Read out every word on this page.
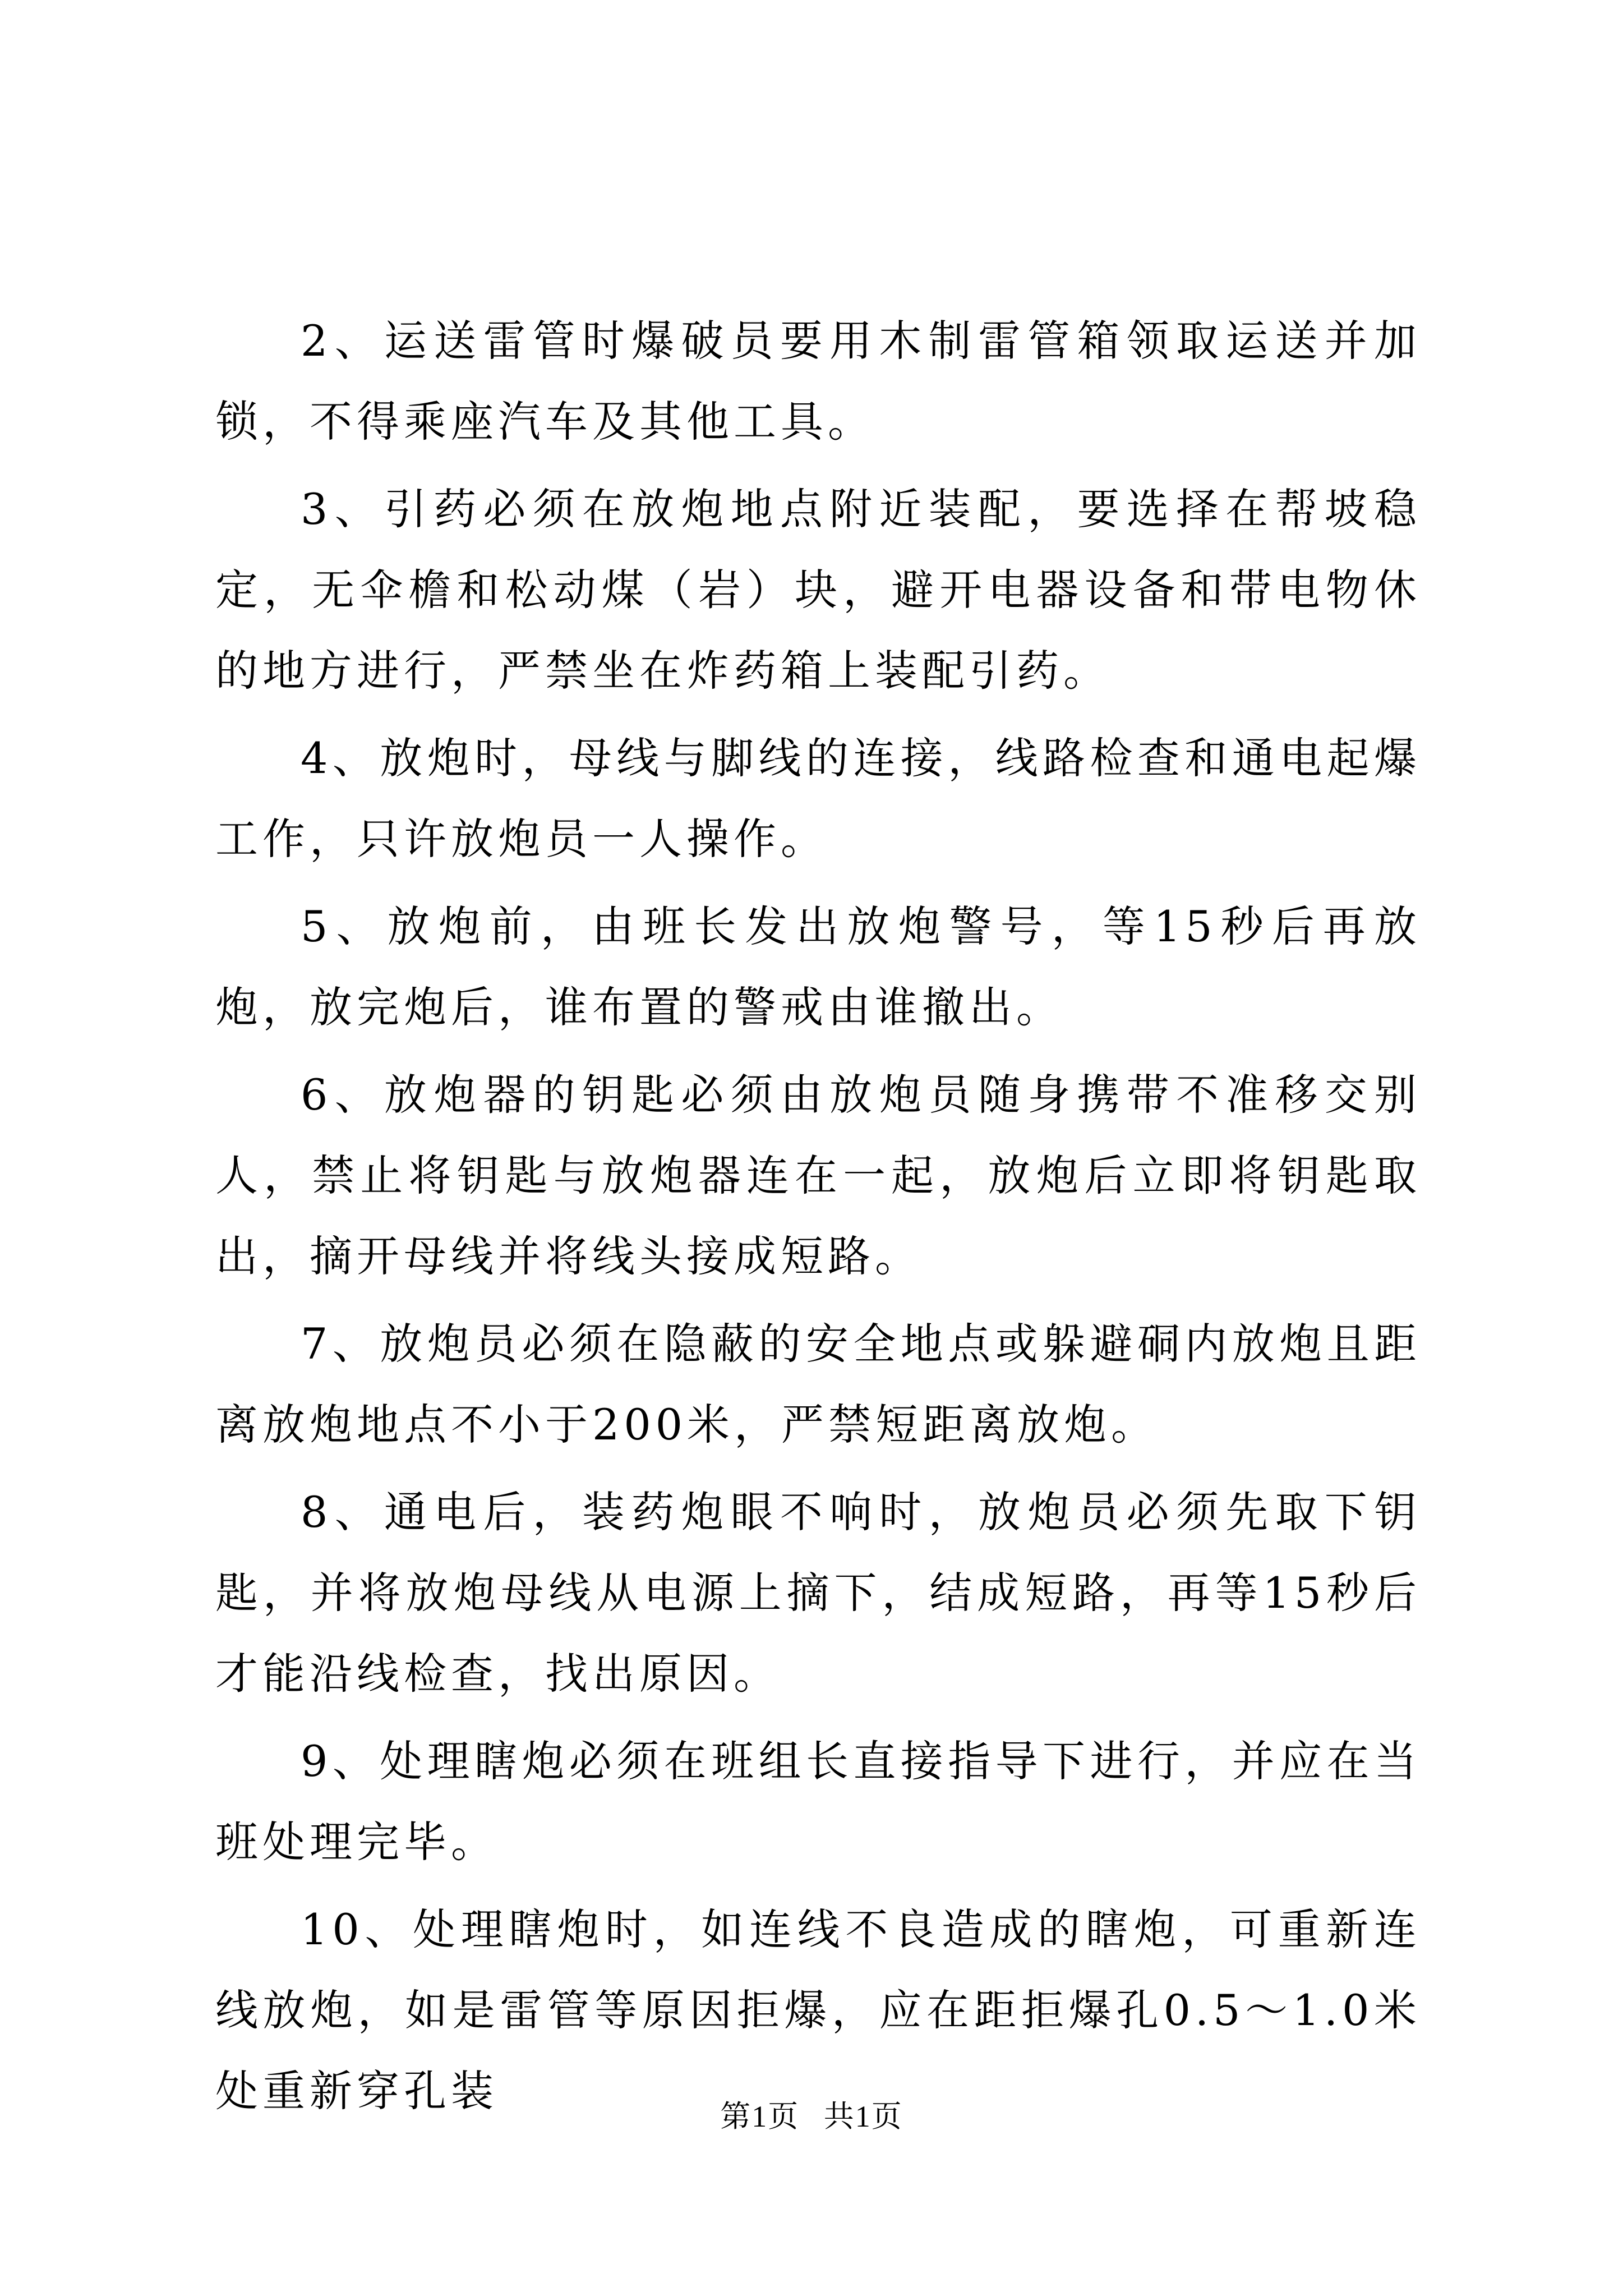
2、运送雷管时爆破员要用木制雷管箱领取运送并加锁，不得乘座汽车及其他工具。

3、引药必须在放炮地点附近装配，要选择在帮坡稳定，无伞檐和松动煤（岩）块，避开电器设备和带电物休的地方进行，严禁坐在炸药箱上装配引药。

4、放炮时，母线与脚线的连接，线路检查和通电起爆工作，只许放炮员一人操作。

5、放炮前，由班长发出放炮警号，等15秒后再放炮，放完炮后，谁布置的警戒由谁撤出。

6、放炮器的钥匙必须由放炮员随身携带不准移交别人，禁止将钥匙与放炮器连在一起，放炮后立即将钥匙取出，摘开母线并将线头接成短路。

7、放炮员必须在隐蔽的安全地点或躲避硐内放炮且距离放炮地点不小于200米，严禁短距离放炮。

8、通电后，装药炮眼不响时，放炮员必须先取下钥匙，并将放炮母线从电源上摘下，结成短路，再等15秒后才能沿线检查，找出原因。

9、处理瞎炮必须在班组长直接指导下进行，并应在当班处理完毕。

10、处理瞎炮时，如连线不良造成的瞎炮，可重新连线放炮，如是雷管等原因拒爆，应在距拒爆孔0.5～1.0米处重新穿孔装

第1页 共1页
